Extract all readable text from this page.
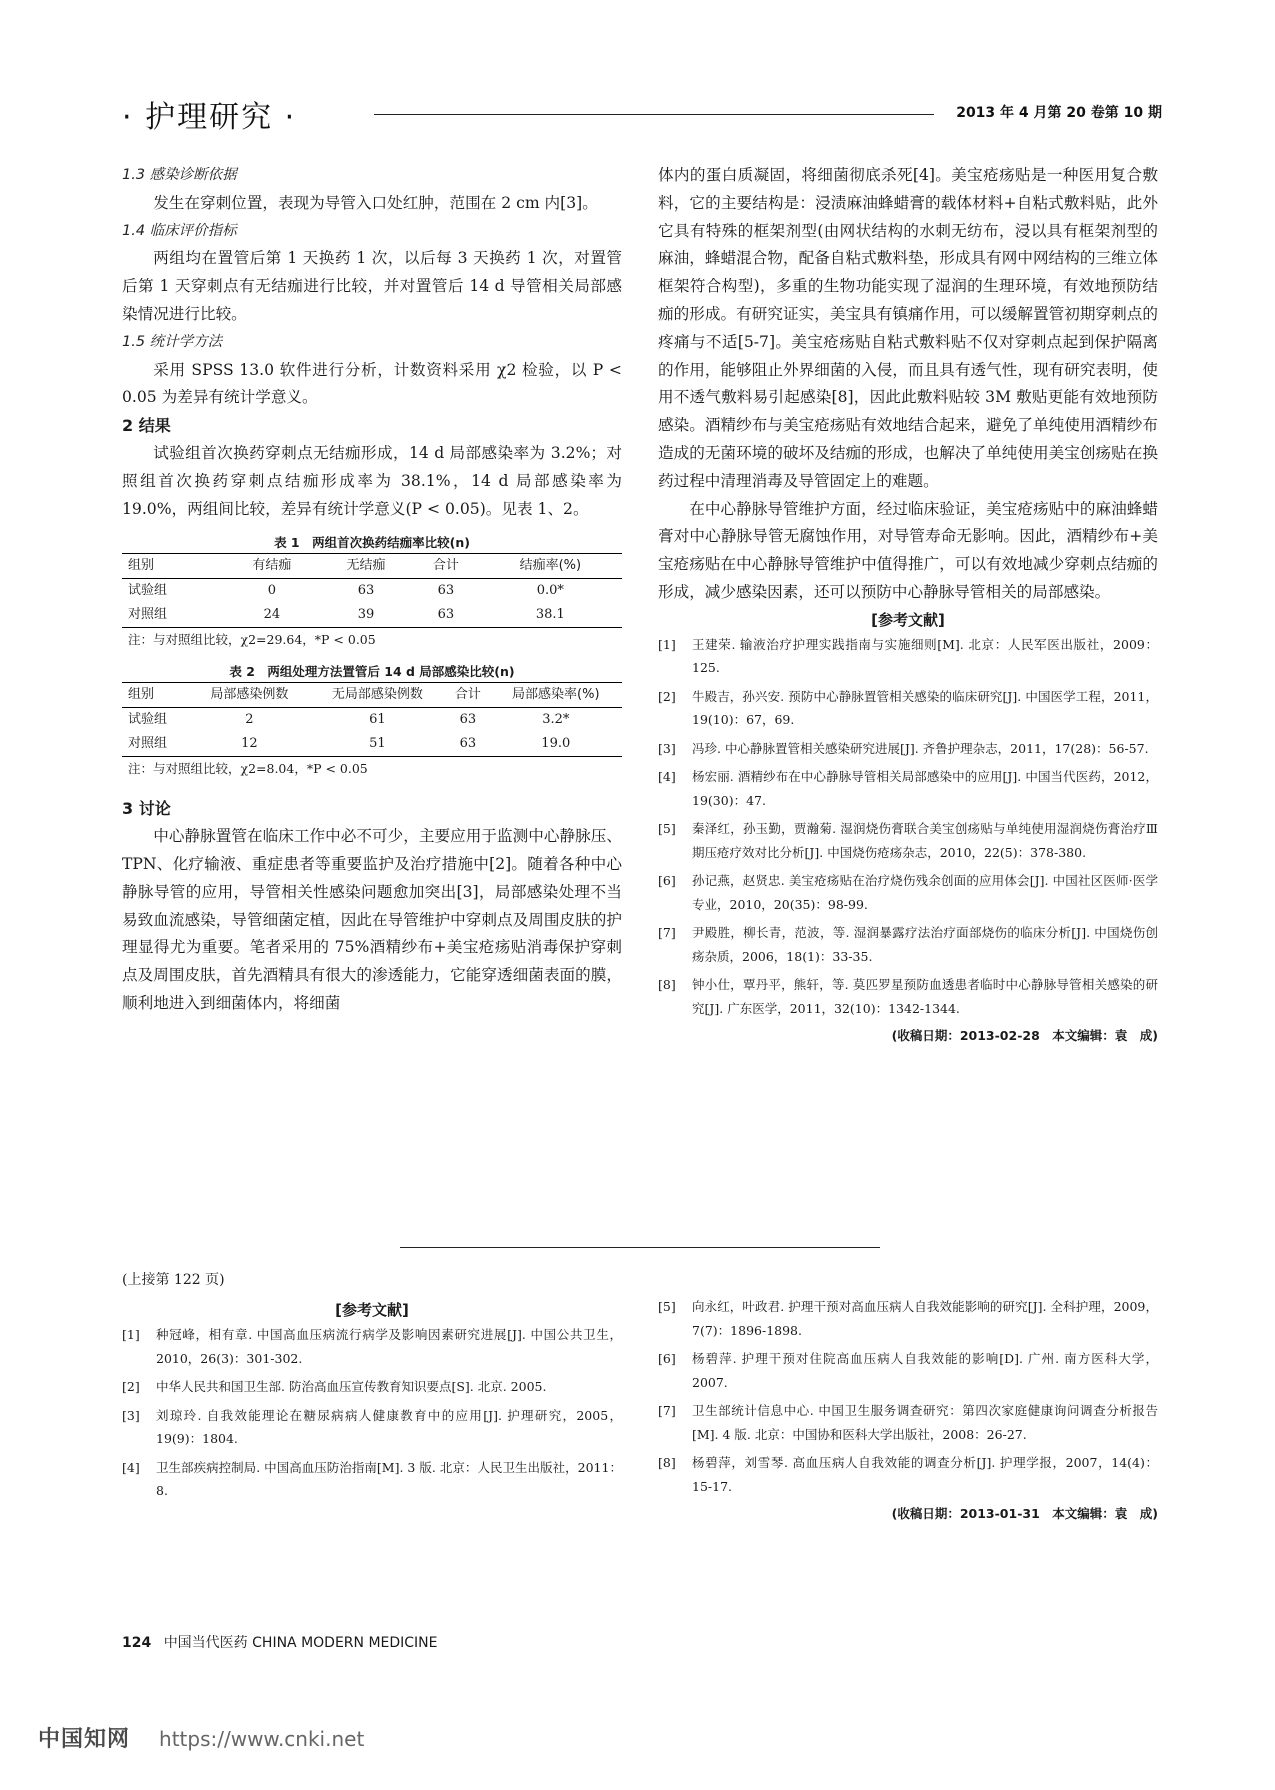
· 护理研究 ·	2013 年 4 月第 20 卷第 10 期
1.3 感染诊断依据

发生在穿刺位置，表现为导管入口处红肿，范围在 2 cm 内[3]。

1.4 临床评价指标

两组均在置管后第 1 天换药 1 次，以后每 3 天换药 1 次，对置管后第 1 天穿刺点有无结痂进行比较，并对置管后 14 d 导管相关局部感染情况进行比较。

1.5 统计学方法

采用 SPSS 13.0 软件进行分析，计数资料采用 χ2 检验，以 P < 0.05 为差异有统计学意义。

2 结果

试验组首次换药穿刺点无结痂形成，14 d 局部感染率为 3.2%；对照组首次换药穿刺点结痂形成率为 38.1%，14 d 局部感染率为 19.0%，两组间比较，差异有统计学意义(P < 0.05)。见表 1、2。

表 1　两组首次换药结痂率比较(n)
组别	有结痂	无结痂	合计	结痂率(%)
试验组	0	63	63	0.0*
对照组	24	39	63	38.1
注：与对照组比较，χ2=29.64，*P < 0.05
表 2　两组处理方法置管后 14 d 局部感染比较(n)
组别	局部感染例数	无局部感染例数	合计	局部感染率(%)
试验组	2	61	63	3.2*
对照组	12	51	63	19.0
注：与对照组比较，χ2=8.04，*P < 0.05
3 讨论

中心静脉置管在临床工作中必不可少，主要应用于监测中心静脉压、TPN、化疗输液、重症患者等重要监护及治疗措施中[2]。随着各种中心静脉导管的应用，导管相关性感染问题愈加突出[3]，局部感染处理不当易致血流感染，导管细菌定植，因此在导管维护中穿刺点及周围皮肤的护理显得尤为重要。笔者采用的 75%酒精纱布+美宝疮疡贴消毒保护穿刺点及周围皮肤，首先酒精具有很大的渗透能力，它能穿透细菌表面的膜，顺利地进入到细菌体内，将细菌

体内的蛋白质凝固，将细菌彻底杀死[4]。美宝疮疡贴是一种医用复合敷料，它的主要结构是：浸渍麻油蜂蜡膏的载体材料+自粘式敷料贴，此外它具有特殊的框架剂型(由网状结构的水刺无纺布，浸以具有框架剂型的麻油，蜂蜡混合物，配备自粘式敷料垫，形成具有网中网结构的三维立体框架符合构型)，多重的生物功能实现了湿润的生理环境，有效地预防结痂的形成。有研究证实，美宝具有镇痛作用，可以缓解置管初期穿刺点的疼痛与不适[5-7]。美宝疮疡贴自粘式敷料贴不仅对穿刺点起到保护隔离的作用，能够阻止外界细菌的入侵，而且具有透气性，现有研究表明，使用不透气敷料易引起感染[8]，因此此敷料贴较 3M 敷贴更能有效地预防感染。酒精纱布与美宝疮疡贴有效地结合起来，避免了单纯使用酒精纱布造成的无菌环境的破坏及结痂的形成，也解决了单纯使用美宝创疡贴在换药过程中清理消毒及导管固定上的难题。

在中心静脉导管维护方面，经过临床验证，美宝疮疡贴中的麻油蜂蜡膏对中心静脉导管无腐蚀作用，对导管寿命无影响。因此，酒精纱布+美宝疮疡贴在中心静脉导管维护中值得推广，可以有效地减少穿刺点结痂的形成，减少感染因素，还可以预防中心静脉导管相关的局部感染。

[参考文献]
[1]	王建荣. 输液治疗护理实践指南与实施细则[M]. 北京：人民军医出版社，2009：125.
[2]	牛殿吉，孙兴安. 预防中心静脉置管相关感染的临床研究[J]. 中国医学工程，2011，19(10)：67，69.
[3]	冯珍. 中心静脉置管相关感染研究进展[J]. 齐鲁护理杂志，2011，17(28)：56-57.
[4]	杨宏丽. 酒精纱布在中心静脉导管相关局部感染中的应用[J]. 中国当代医药，2012，19(30)：47.
[5]	秦泽红，孙玉勤，贾瀚菊. 湿润烧伤膏联合美宝创疡贴与单纯使用湿润烧伤膏治疗Ⅲ期压疮疗效对比分析[J]. 中国烧伤疮疡杂志，2010，22(5)：378-380.
[6]	孙记燕，赵贤忠. 美宝疮疡贴在治疗烧伤残余创面的应用体会[J]. 中国社区医师·医学专业，2010，20(35)：98-99.
[7]	尹殿胜，柳长青，范波，等. 湿润暴露疗法治疗面部烧伤的临床分析[J]. 中国烧伤创疡杂质，2006，18(1)：33-35.
[8]	钟小仕，覃丹平，熊轩，等. 莫匹罗星预防血透患者临时中心静脉导管相关感染的研究[J]. 广东医学，2011，32(10)：1342-1344.
(收稿日期：2013-02-28　本文编辑：袁　成)
(上接第 122 页)
[参考文献]
[1]	种冠峰，相有章. 中国高血压病流行病学及影响因素研究进展[J]. 中国公共卫生，2010，26(3)：301-302.
[2]	中华人民共和国卫生部. 防治高血压宣传教育知识要点[S]. 北京. 2005.
[3]	刘琼玲. 自我效能理论在糖尿病病人健康教育中的应用[J]. 护理研究，2005，19(9)：1804.
[4]	卫生部疾病控制局. 中国高血压防治指南[M]. 3 版. 北京：人民卫生出版社，2011：8.
[5]	向永红，叶政君. 护理干预对高血压病人自我效能影响的研究[J]. 全科护理，2009，7(7)：1896-1898.
[6]	杨碧萍. 护理干预对住院高血压病人自我效能的影响[D]. 广州. 南方医科大学，2007.
[7]	卫生部统计信息中心. 中国卫生服务调查研究：第四次家庭健康询问调查分析报告[M]. 4 版. 北京：中国协和医科大学出版社，2008：26-27.
[8]	杨碧萍，刘雪琴. 高血压病人自我效能的调查分析[J]. 护理学报，2007，14(4)：15-17.
(收稿日期：2013-01-31　本文编辑：袁　成)
124 中国当代医药 CHINA MODERN MEDICINE
中国知网 https://www.cnki.net
